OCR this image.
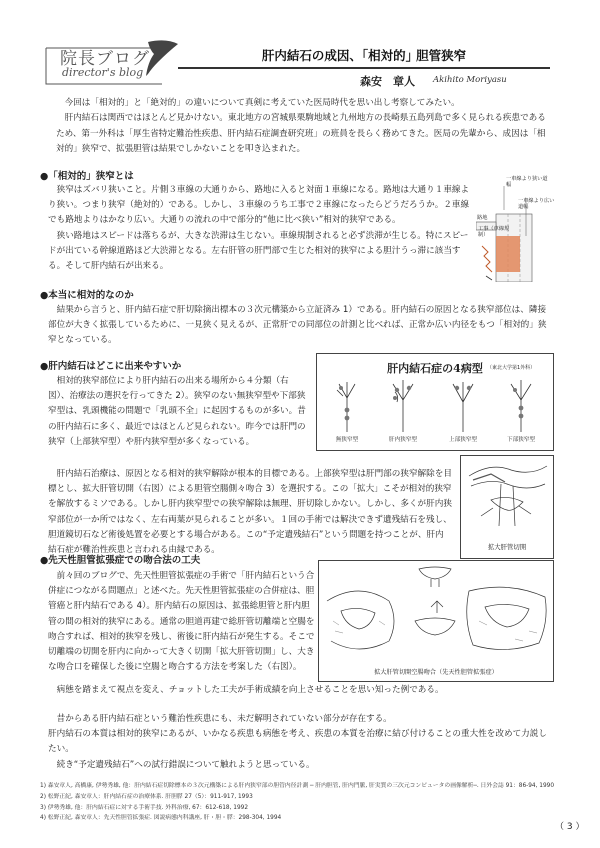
院長ブログ
director's blog
肝内結石の成因、｢相対的｣ 胆管狭窄
森安　章人 Akihito Moriyasu

今回は「相対的」と「絶対的」の違いについて真剣に考えていた医局時代を思い出し考察してみたい。

肝内結石は関西ではほとんど見かけない。東北地方の宮城県栗駒地域と九州地方の長崎県五島列島で多く見られる疾患であるため、第一外科は「厚生省特定難治性疾患、肝内結石症調査研究班」の班員を長らく務めてきた。医局の先輩から、成因は「相対的」狭窄で、拡張胆管は結果でしかないことを叩き込まれた。

●「相対的」狭窄とは

狭窄はズバリ狭いこと。片側３車線の大通りから、路地に入ると対面１車線になる。路地は大通り１車線より狭い。つまり狭窄（絶対的）である。しかし、３車線のうち工事で２車線になったらどうだろうか。２車線でも路地よりはかなり広い。大通りの流れの中で部分的“他に比べ狭い”相対的狭窄である。

狭い路地はスピードは落ちるが、大きな渋滞は生じない。車線規制されると必ず渋滞が生じる。特にスピードが出ている幹線道路ほど大渋滞となる。左右肝管の肝門部で生じた相対的狭窄による胆汁うっ滞に該当する。そして肝内結石が出来る。

一車線より狭い道幅
工事（車線規制）
一車線より広い道幅
路地
●本当に相対的なのか

結果から言うと、肝内結石症で肝切除摘出標本の３次元構築から立証済み 1）である。肝内結石の原因となる狭窄部位は、隣接部位が大きく拡張しているために、一見狭く見えるが、正常肝での同部位の計測と比べれば、正常か広い内径をもつ「相対的」狭窄となっている。

●肝内結石はどこに出来やすいか

相対的狭窄部位により肝内結石の出来る場所から４分類（右図）、治療法の選択を行ってきた 2）。狭窄のない無狭窄型や下部狭窄型は、乳頭機能の問題で「乳頭不全」に起因するものが多い。昔の肝内結石に多く、最近ではほとんど見られない。昨今では肝門の狭窄（上部狭窄型）や肝内狭窄型が多くなっている。

肝内結石治療は、原因となる相対的狭窄解除が根本的目標である。上部狭窄型は肝門部の狭窄解除を目標とし、拡大肝管切開（右図）による胆管空腸側々吻合 3）を選択する。この「拡大」こそが相対的狭窄を解放するミソである。しかし肝内狭窄型での狭窄解除は無理、肝切除しかない。しかし、多くが肝内狭窄部位が一か所ではなく、左右両葉が見られることが多い。１回の手術では解決できず遺残結石を残し、胆道鏡切石など術後処置を必要とする場合がある。この“予定遺残結石”という問題を持つことが、肝内結石症が難治性疾患と言われる由縁である。

肝内結石症の4病型 （東北大学第1外科）
無狭窄型	肝内狭窄型	上部狭窄型	下部狭窄型
拡大肝管切開
●先天性胆管拡張症での吻合法の工夫

前々回のブログで、先天性胆管拡張症の手術で「肝内結石という合併症につながる問題点」と述べた。先天性胆管拡張症の合併症は、胆管癌と肝内結石である 4）。肝内結石の原因は、拡張総胆管と肝内胆管の間の相対的狭窄にある。通常の胆道再建で総肝管切離端と空腸を吻合すれば、相対的狭窄を残し、術後に肝内結石が発生する。そこで切離端の切開を肝内に向かって大きく切開「拡大肝管切開」し、大きな吻合口を確保した後に空腸と吻合する方法を考案した（右図）。

病態を踏まえて視点を変え、チョットした工夫が手術成績を向上させることを思い知った例である。

拡大肝管切開空腸吻合（先天性胆管拡張症）

昔からある肝内結石症という難治性疾患にも、未だ解明されていない部分が存在する。

肝内結石の本質は相対的狭窄にあるが、いかなる疾患も病態を考え、疾患の本質を治療に結び付けることの重大性を改めて力説したい。

続き“予定遺残結石”への試行錯誤について触れようと思っている。

1) 森安章人, 高橋康, 伊勢秀雄, 他：肝内結石症切除標本の３次元構築による肝内狭窄部の胆管内径計測 ─ 肝内胆管, 肝内門脈, 肝実質の三次元コンピュータの画像解析─. 日外会誌 91：86-94, 1990
2) 松野正紀, 森安章人：肝内結石症の治療体系. 肝胆膵 27（5）：911-917, 1993
3) 伊勢秀雄, 他：肝内結石症に対する手術手技. 外科治療, 67：612-618, 1992
4) 松野正紀, 森安章人：先天性胆管拡張症. 図説病態内科講座, 肝・胆・膵：298-304, 1994
（ 3 ）
